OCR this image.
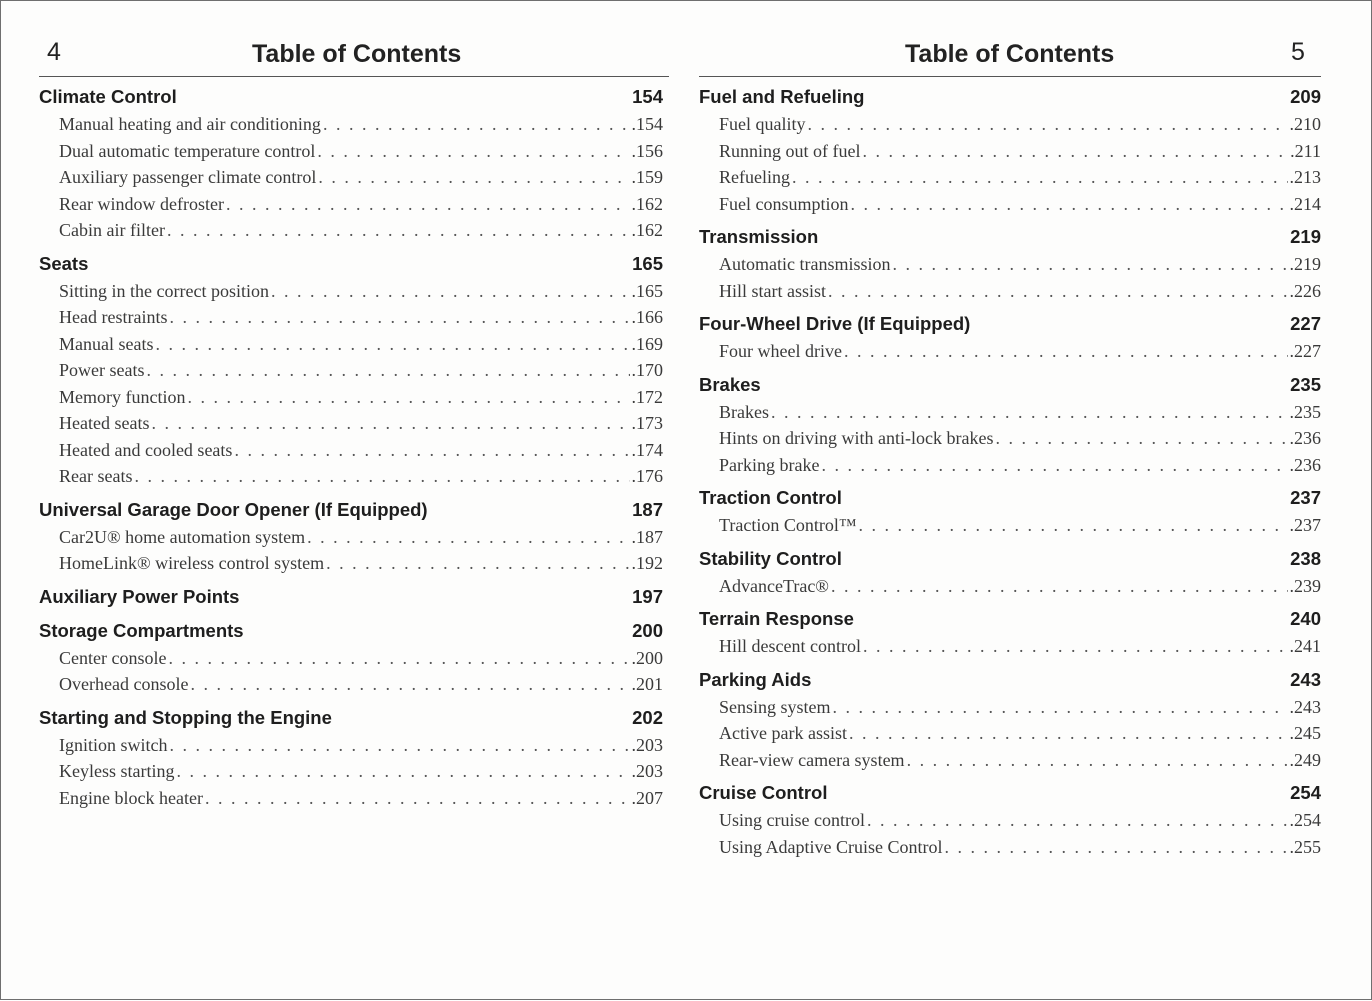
4	Table of Contents
Climate Control	154
Manual heating and air conditioning . . .	.154
Dual automatic temperature control . . .	.156
Auxiliary passenger climate control . . .	.159
Rear window defroster . . .	.162
Cabin air filter . . .	.162
Seats	165
Sitting in the correct position . . .	.165
Head restraints . . .	.166
Manual seats . . .	.169
Power seats . . .	.170
Memory function . . .	.172
Heated seats . . .	.173
Heated and cooled seats . . .	.174
Rear seats . . .	.176
Universal Garage Door Opener (If Equipped)	187
Car2U® home automation system . . .	.187
HomeLink® wireless control system . . .	.192
Auxiliary Power Points	197
Storage Compartments	200
Center console . . .	.200
Overhead console . . .	.201
Starting and Stopping the Engine	202
Ignition switch . . .	.203
Keyless starting . . .	.203
Engine block heater . . .	.207
Table of Contents	5
Fuel and Refueling	209
Fuel quality . . .	.210
Running out of fuel . . .	.211
Refueling . . .	.213
Fuel consumption . . .	.214
Transmission	219
Automatic transmission . . .	.219
Hill start assist . . .	.226
Four-Wheel Drive (If Equipped)	227
Four wheel drive . . .	.227
Brakes	235
Brakes . . .	.235
Hints on driving with anti-lock brakes . . .	.236
Parking brake . . .	.236
Traction Control	237
Traction Control™ . . .	.237
Stability Control	238
AdvanceTrac® . . .	.239
Terrain Response	240
Hill descent control . . .	.241
Parking Aids	243
Sensing system . . .	.243
Active park assist . . .	.245
Rear-view camera system . . .	.249
Cruise Control	254
Using cruise control . . .	.254
Using Adaptive Cruise Control . . .	.255
